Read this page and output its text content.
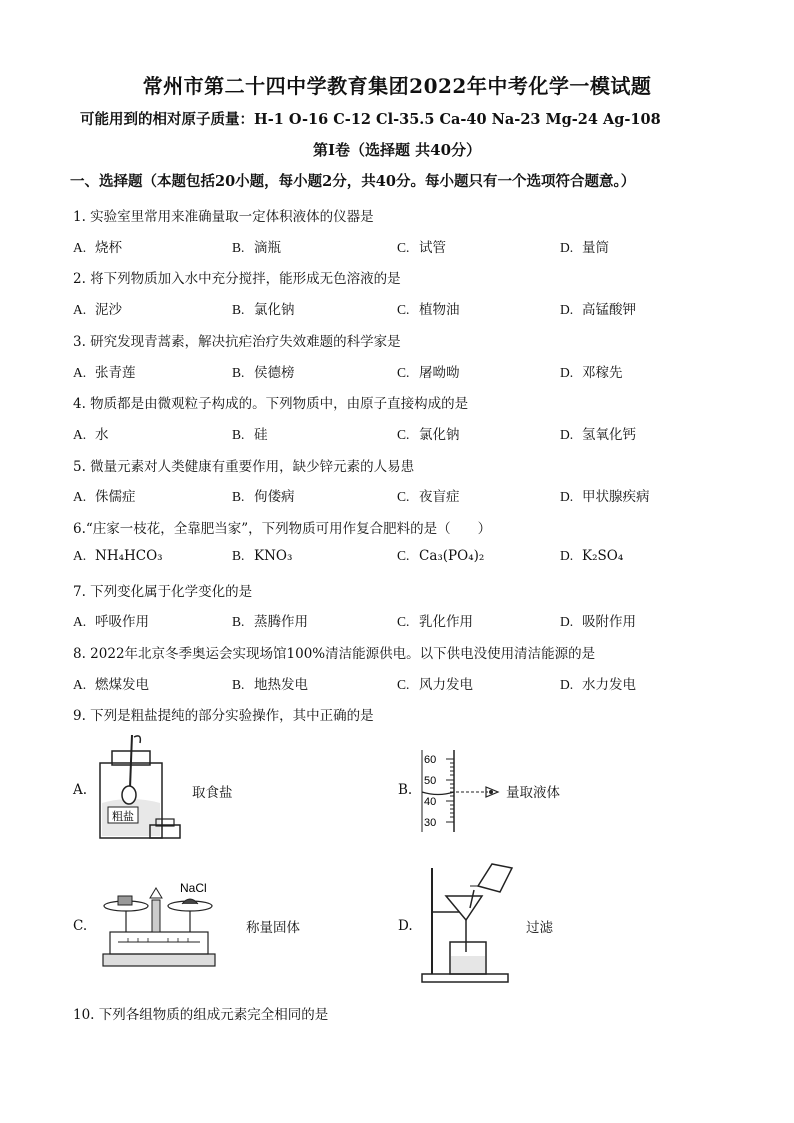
常州市第二十四中学教育集团2022年中考化学一模试题
可能用到的相对原子质量：H-1 O-16 C-12 Cl-35.5 Ca-40 Na-23 Mg-24 Ag-108
第Ⅰ卷（选择题 共40分）
一、选择题（本题包括20小题，每小题2分，共40分。每小题只有一个选项符合题意。）
1. 实验室里常用来准确量取一定体积液体的仪器是
A. 烧杯	B. 滴瓶	C. 试管	D. 量筒
2. 将下列物质加入水中充分搅拌，能形成无色溶液的是
A. 泥沙	B. 氯化钠	C. 植物油	D. 高锰酸钾
3. 研究发现青蒿素，解决抗疟治疗失效难题的科学家是
A. 张青莲	B. 侯德榜	C. 屠呦呦	D. 邓稼先
4. 物质都是由微观粒子构成的。下列物质中，由原子直接构成的是
A. 水	B. 硅	C. 氯化钠	D. 氢氧化钙
5. 微量元素对人类健康有重要作用，缺少锌元素的人易患
A. 侏儒症	B. 佝偻病	C. 夜盲症	D. 甲状腺疾病
6.“庄家一枝花，全靠肥当家”，下列物质可用作复合肥料的是（　　）
A. NH₄HCO₃	B. KNO₃	C. Ca₃(PO₄)₂	D. K₂SO₄
7. 下列变化属于化学变化的是
A. 呼吸作用	B. 蒸腾作用	C. 乳化作用	D. 吸附作用
8. 2022年北京冬季奥运会实现场馆100%清洁能源供电。以下供电没使用清洁能源的是
A. 燃煤发电	B. 地热发电	C. 风力发电	D. 水力发电
9. 下列是粗盐提纯的部分实验操作，其中正确的是
A.
粗盐
取食盐	B.
60
50
40
30
量取液体
C.
NaCl
称量固体	D.	过滤
10. 下列各组物质的组成元素完全相同的是
